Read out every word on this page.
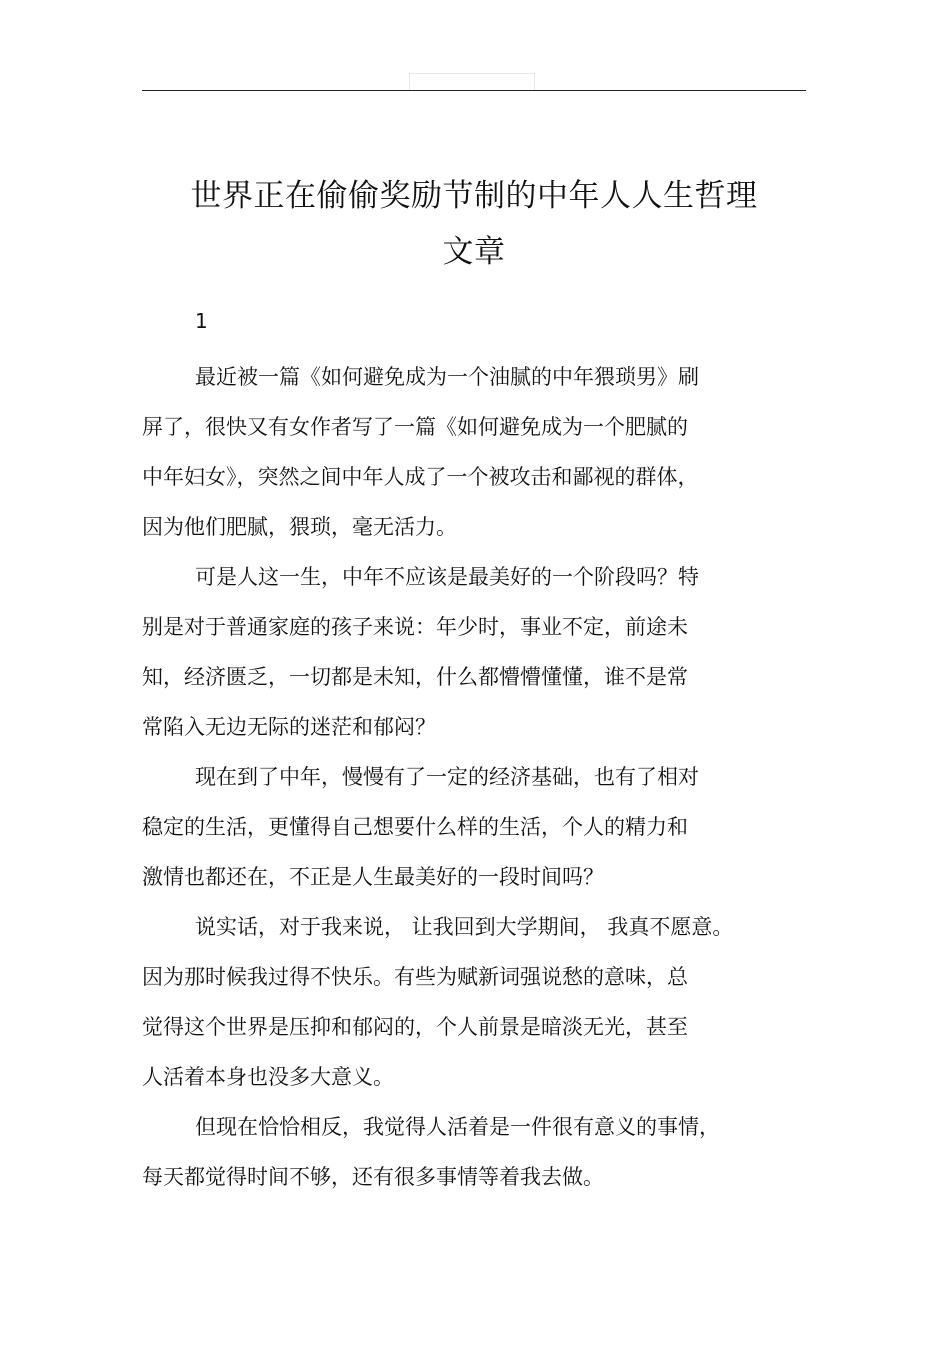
世界正在偷偷奖励节制的中年人人生哲理
文章
1

最近被一篇《如何避免成为一个油腻的中年猥琐男》刷
屏了，很快又有女作者写了一篇《如何避免成为一个肥腻的
中年妇女》，突然之间中年人成了一个被攻击和鄙视的群体，
因为他们肥腻，猥琐，毫无活力。

可是人这一生，中年不应该是最美好的一个阶段吗？特
别是对于普通家庭的孩子来说：年少时，事业不定，前途未
知，经济匮乏，一切都是未知，什么都懵懵懂懂，谁不是常
常陷入无边无际的迷茫和郁闷？

现在到了中年，慢慢有了一定的经济基础，也有了相对
稳定的生活，更懂得自己想要什么样的生活，个人的精力和
激情也都还在，不正是人生最美好的一段时间吗？

说实话，对于我来说， 让我回到大学期间， 我真不愿意。
因为那时候我过得不快乐。有些为赋新词强说愁的意味，总
觉得这个世界是压抑和郁闷的，个人前景是暗淡无光，甚至
人活着本身也没多大意义。

但现在恰恰相反，我觉得人活着是一件很有意义的事情，
每天都觉得时间不够，还有很多事情等着我去做。
